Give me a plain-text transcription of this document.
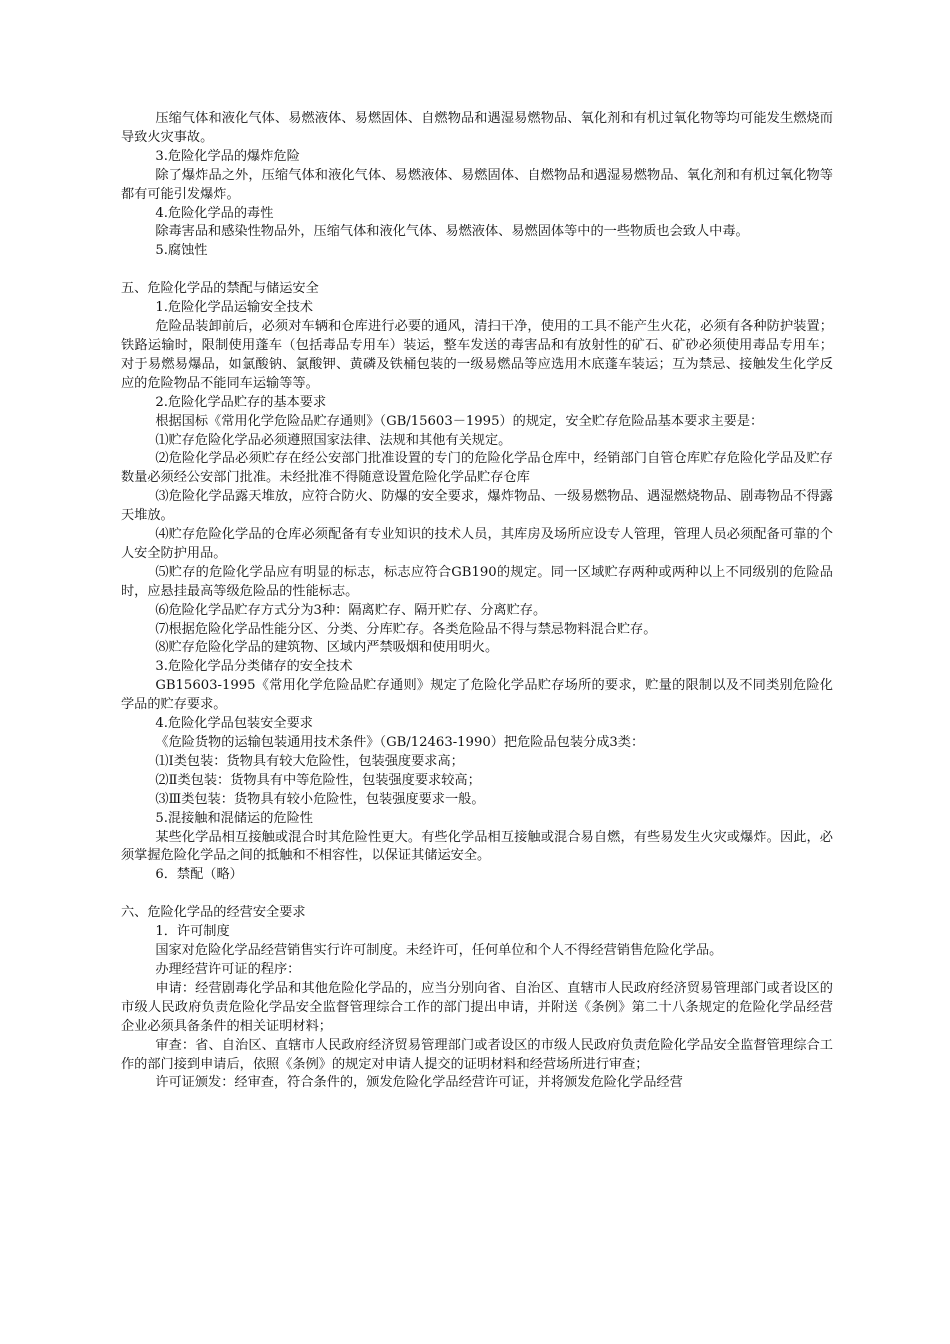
压缩气体和液化气体、易燃液体、易燃固体、自燃物品和遇湿易燃物品、氧化剂和有机过氧化物等均可能发生燃烧而导致火灾事故。

3.危险化学品的爆炸危险

除了爆炸品之外，压缩气体和液化气体、易燃液体、易燃固体、自燃物品和遇湿易燃物品、氧化剂和有机过氧化物等都有可能引发爆炸。

4.危险化学品的毒性

除毒害品和感染性物品外，压缩气体和液化气体、易燃液体、易燃固体等中的一些物质也会致人中毒。

5.腐蚀性

五、危险化学品的禁配与储运安全

1.危险化学品运输安全技术

危险品装卸前后，必须对车辆和仓库进行必要的通风，清扫干净，使用的工具不能产生火花，必须有各种防护装置；铁路运输时，限制使用蓬车（包括毒品专用车）装运，整车发送的毒害品和有放射性的矿石、矿砂必须使用毒品专用车；对于易燃易爆品，如氯酸钠、氯酸钾、黄磷及铁桶包装的一级易燃品等应选用木底蓬车装运；互为禁忌、接触发生化学反应的危险物品不能同车运输等等。

2.危险化学品贮存的基本要求

根据国标《常用化学危险品贮存通则》（GB/15603－1995）的规定，安全贮存危险品基本要求主要是：

⑴贮存危险化学品必须遵照国家法律、法规和其他有关规定。

⑵危险化学品必须贮存在经公安部门批准设置的专门的危险化学品仓库中，经销部门自管仓库贮存危险化学品及贮存数量必须经公安部门批准。未经批准不得随意设置危险化学品贮存仓库

⑶危险化学品露天堆放，应符合防火、防爆的安全要求，爆炸物品、一级易燃物品、遇湿燃烧物品、剧毒物品不得露天堆放。

⑷贮存危险化学品的仓库必须配备有专业知识的技术人员，其库房及场所应设专人管理，管理人员必须配备可靠的个人安全防护用品。

⑸贮存的危险化学品应有明显的标志，标志应符合GB190的规定。同一区域贮存两种或两种以上不同级别的危险品时，应悬挂最高等级危险品的性能标志。

⑹危险化学品贮存方式分为3种：隔离贮存、隔开贮存、分离贮存。

⑺根据危险化学品性能分区、分类、分库贮存。各类危险品不得与禁忌物料混合贮存。

⑻贮存危险化学品的建筑物、区域内严禁吸烟和使用明火。

3.危险化学品分类储存的安全技术

GB15603-1995《常用化学危险品贮存通则》规定了危险化学品贮存场所的要求，贮量的限制以及不同类别危险化学品的贮存要求。

4.危险化学品包装安全要求

《危险货物的运输包装通用技术条件》（GB/12463-1990）把危险品包装分成3类：

⑴Ⅰ类包装：货物具有较大危险性，包装强度要求高；

⑵Ⅱ类包装：货物具有中等危险性，包装强度要求较高；

⑶Ⅲ类包装：货物具有较小危险性，包装强度要求一般。

5.混接触和混储运的危险性

某些化学品相互接触或混合时其危险性更大。有些化学品相互接触或混合易自燃，有些易发生火灾或爆炸。因此，必须掌握危险化学品之间的抵触和不相容性，以保证其储运安全。

6．禁配（略）

六、危险化学品的经营安全要求

1．许可制度

国家对危险化学品经营销售实行许可制度。未经许可，任何单位和个人不得经营销售危险化学品。

办理经营许可证的程序：

申请：经营剧毒化学品和其他危险化学品的，应当分别向省、自治区、直辖市人民政府经济贸易管理部门或者设区的市级人民政府负责危险化学品安全监督管理综合工作的部门提出申请，并附送《条例》第二十八条规定的危险化学品经营企业必须具备条件的相关证明材料；

审查：省、自治区、直辖市人民政府经济贸易管理部门或者设区的市级人民政府负责危险化学品安全监督管理综合工作的部门接到申请后，依照《条例》的规定对申请人提交的证明材料和经营场所进行审查；

许可证颁发：经审查，符合条件的，颁发危险化学品经营许可证，并将颁发危险化学品经营
